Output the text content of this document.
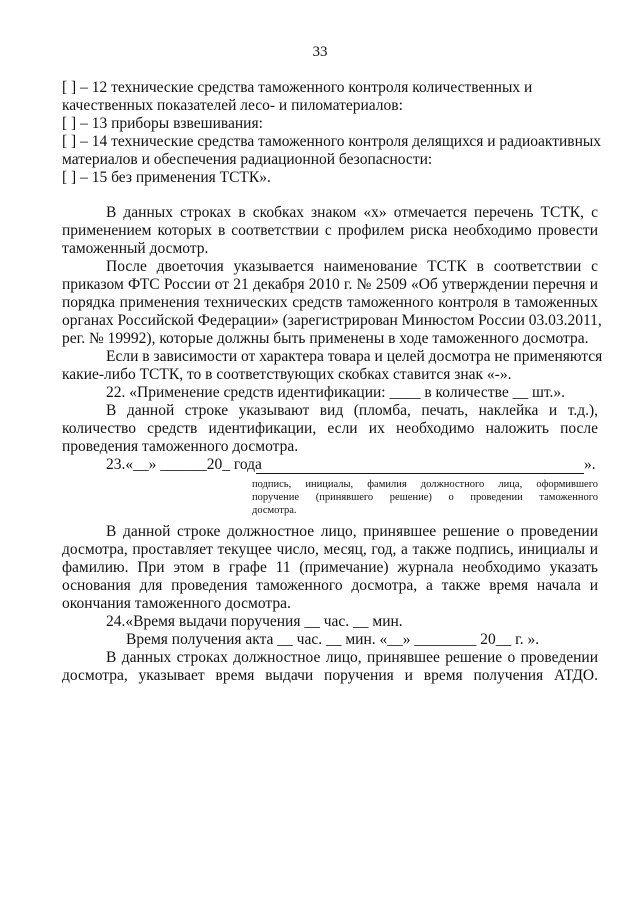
33
[ ] – 12 технические средства таможенного контроля количественных и
качественных показателей лесо- и пиломатериалов:
[ ] – 13 приборы взвешивания:
[ ] – 14 технические средства таможенного контроля делящихся и радиоактивных
материалов и обеспечения радиационной безопасности:
[ ] – 15 без применения ТСТК».
В данных строках в скобках знаком «х» отмечается перечень ТСТК, с
применением которых в соответствии с профилем риска необходимо провести
таможенный досмотр.
После двоеточия указывается наименование ТСТК в соответствии с
приказом ФТС России от 21 декабря 2010 г. № 2509 «Об утверждении перечня и
порядка применения технических средств таможенного контроля в таможенных
органах Российской Федерации» (зарегистрирован Минюстом России 03.03.2011,
рег. № 19992), которые должны быть применены в ходе таможенного досмотра.
Если в зависимости от характера товара и целей досмотра не применяются
какие-либо ТСТК, то в соответствующих скобках ставится знак «-».
22. «Применение средств идентификации: ____ в количестве __ шт.».
В данной строке указывают вид (пломба, печать, наклейка и т.д.),
количество средств идентификации, если их необходимо наложить после
проведения таможенного досмотра.
23.«__» ______20_ года	».
подпись, инициалы, фамилия должностного лица, оформившего
поручение (принявшего решение) о проведении таможенного
досмотра.
В данной строке должностное лицо, принявшее решение о проведении
досмотра, проставляет текущее число, месяц, год, а также подпись, инициалы и
фамилию. При этом в графе 11 (примечание) журнала необходимо указать
основания для проведения таможенного досмотра, а также время начала и
окончания таможенного досмотра.
24.«Время выдачи поручения __ час. __ мин.
Время получения акта __ час. __ мин. «__» ________ 20__ г. ».
В данных строках должностное лицо, принявшее решение о проведении
досмотра, указывает время выдачи поручения и время получения АТДО.
